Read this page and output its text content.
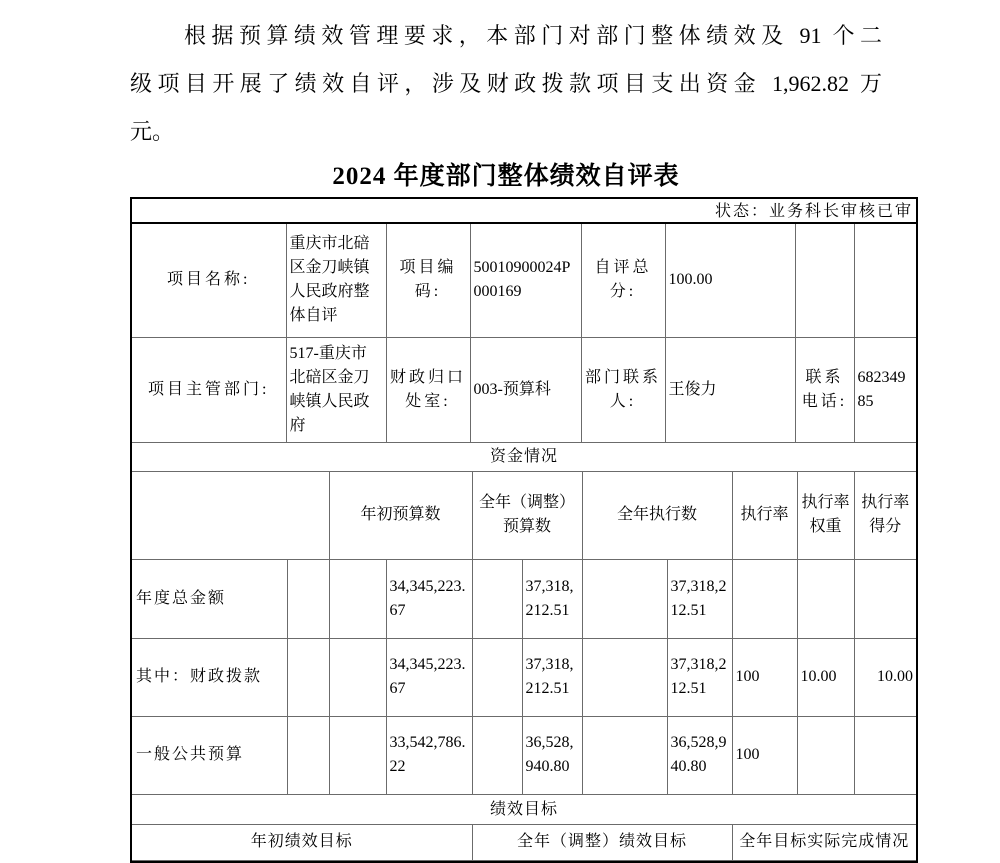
根据预算绩效管理要求，本部门对部门整体绩效及 91 个二
级项目开展了绩效自评，涉及财政拨款项目支出资金 1,962.82 万
元。
2024 年度部门整体绩效自评表
状态：业务科长审核已审
项目名称:	重庆市北碚区金刀峡镇人民政府整体自评	项目编码:	50010900024P000169	自评总分:	100.00		
项目主管部门:	517-重庆市北碚区金刀峡镇人民政府	财政归口处室:	003-预算科	部门联系人:	王俊力	联系电话:	68234985
资金情况
		年初预算数		全年（调整）预算数		全年执行数		执行率	执行率权重	执行率得分
年度总金额			34,345,223.67		37,318,212.51		37,318,212.51			
其中：财政拨款			34,345,223.67		37,318,212.51		37,318,212.51	100	10.00	10.00
一般公共预算			33,542,786.22		36,528,940.80		36,528,940.80	100		
绩效目标
年初绩效目标	全年（调整）绩效目标	全年目标实际完成情况
